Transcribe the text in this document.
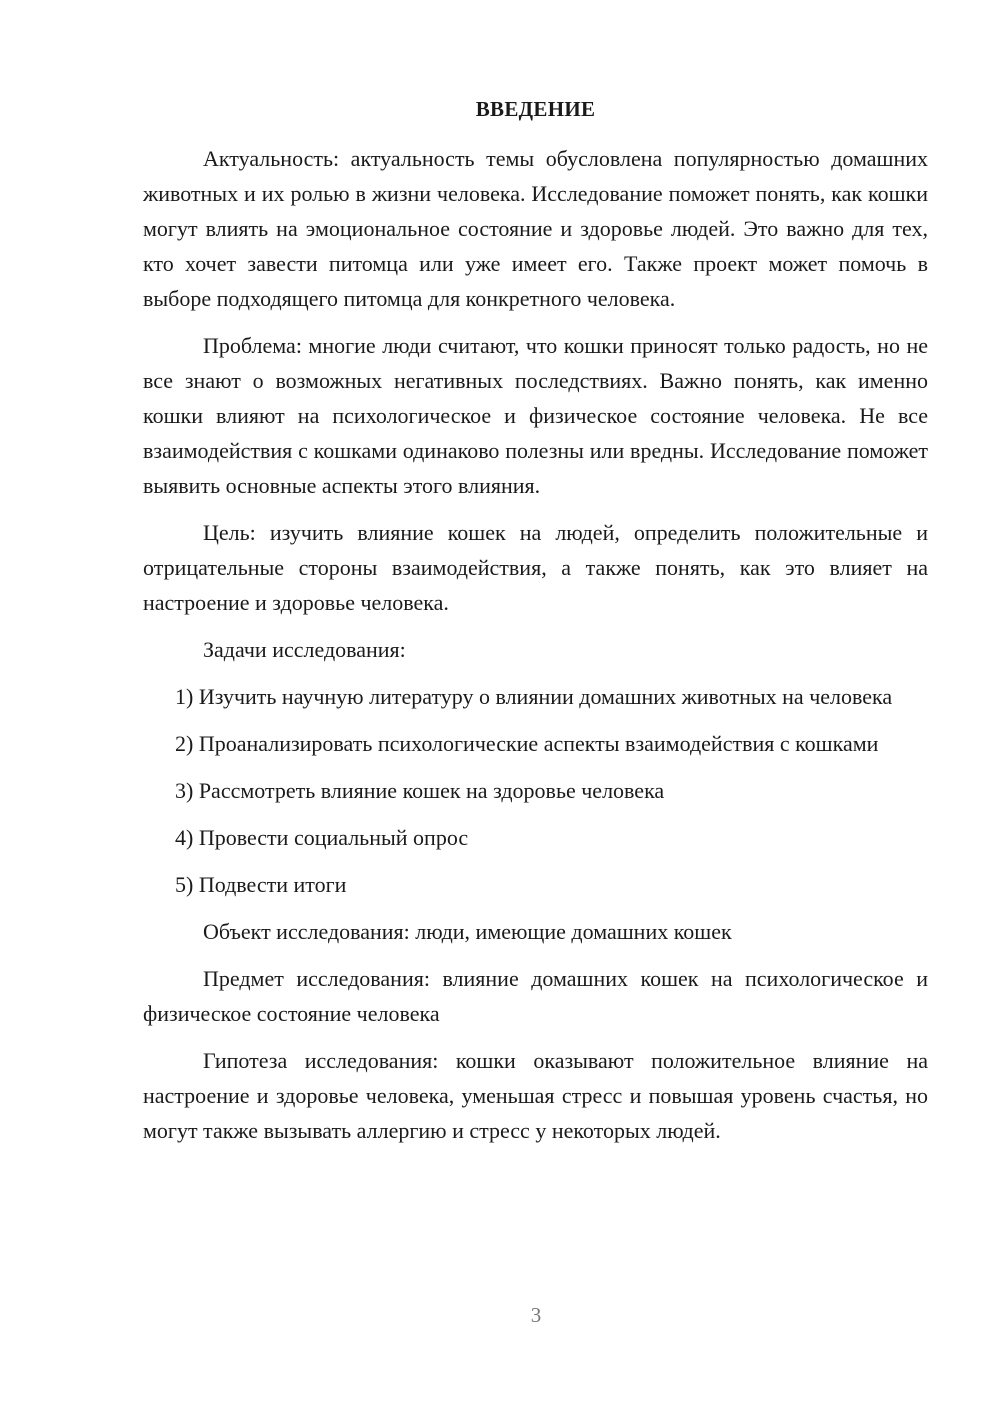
ВВЕДЕНИЕ

Актуальность: актуальность темы обусловлена популярностью домашних животных и их ролью в жизни человека. Исследование поможет понять, как кошки могут влиять на эмоциональное состояние и здоровье людей. Это важно для тех, кто хочет завести питомца или уже имеет его. Также проект может помочь в выборе подходящего питомца для конкретного человека.

Проблема: многие люди считают, что кошки приносят только радость, но не все знают о возможных негативных последствиях. Важно понять, как именно кошки влияют на психологическое и физическое состояние человека. Не все взаимодействия с кошками одинаково полезны или вредны. Исследование поможет выявить основные аспекты этого влияния.

Цель: изучить влияние кошек на людей, определить положительные и отрицательные стороны взаимодействия, а также понять, как это влияет на настроение и здоровье человека.

Задачи исследования:

1) Изучить научную литературу о влиянии домашних животных на человека

2) Проанализировать психологические аспекты взаимодействия с кошками

3) Рассмотреть влияние кошек на здоровье человека

4) Провести социальный опрос

5) Подвести итоги

Объект исследования: люди, имеющие домашних кошек

Предмет исследования: влияние домашних кошек на психологическое и физическое состояние человека

Гипотеза исследования: кошки оказывают положительное влияние на настроение и здоровье человека, уменьшая стресс и повышая уровень счастья, но могут также вызывать аллергию и стресс у некоторых людей.

3
